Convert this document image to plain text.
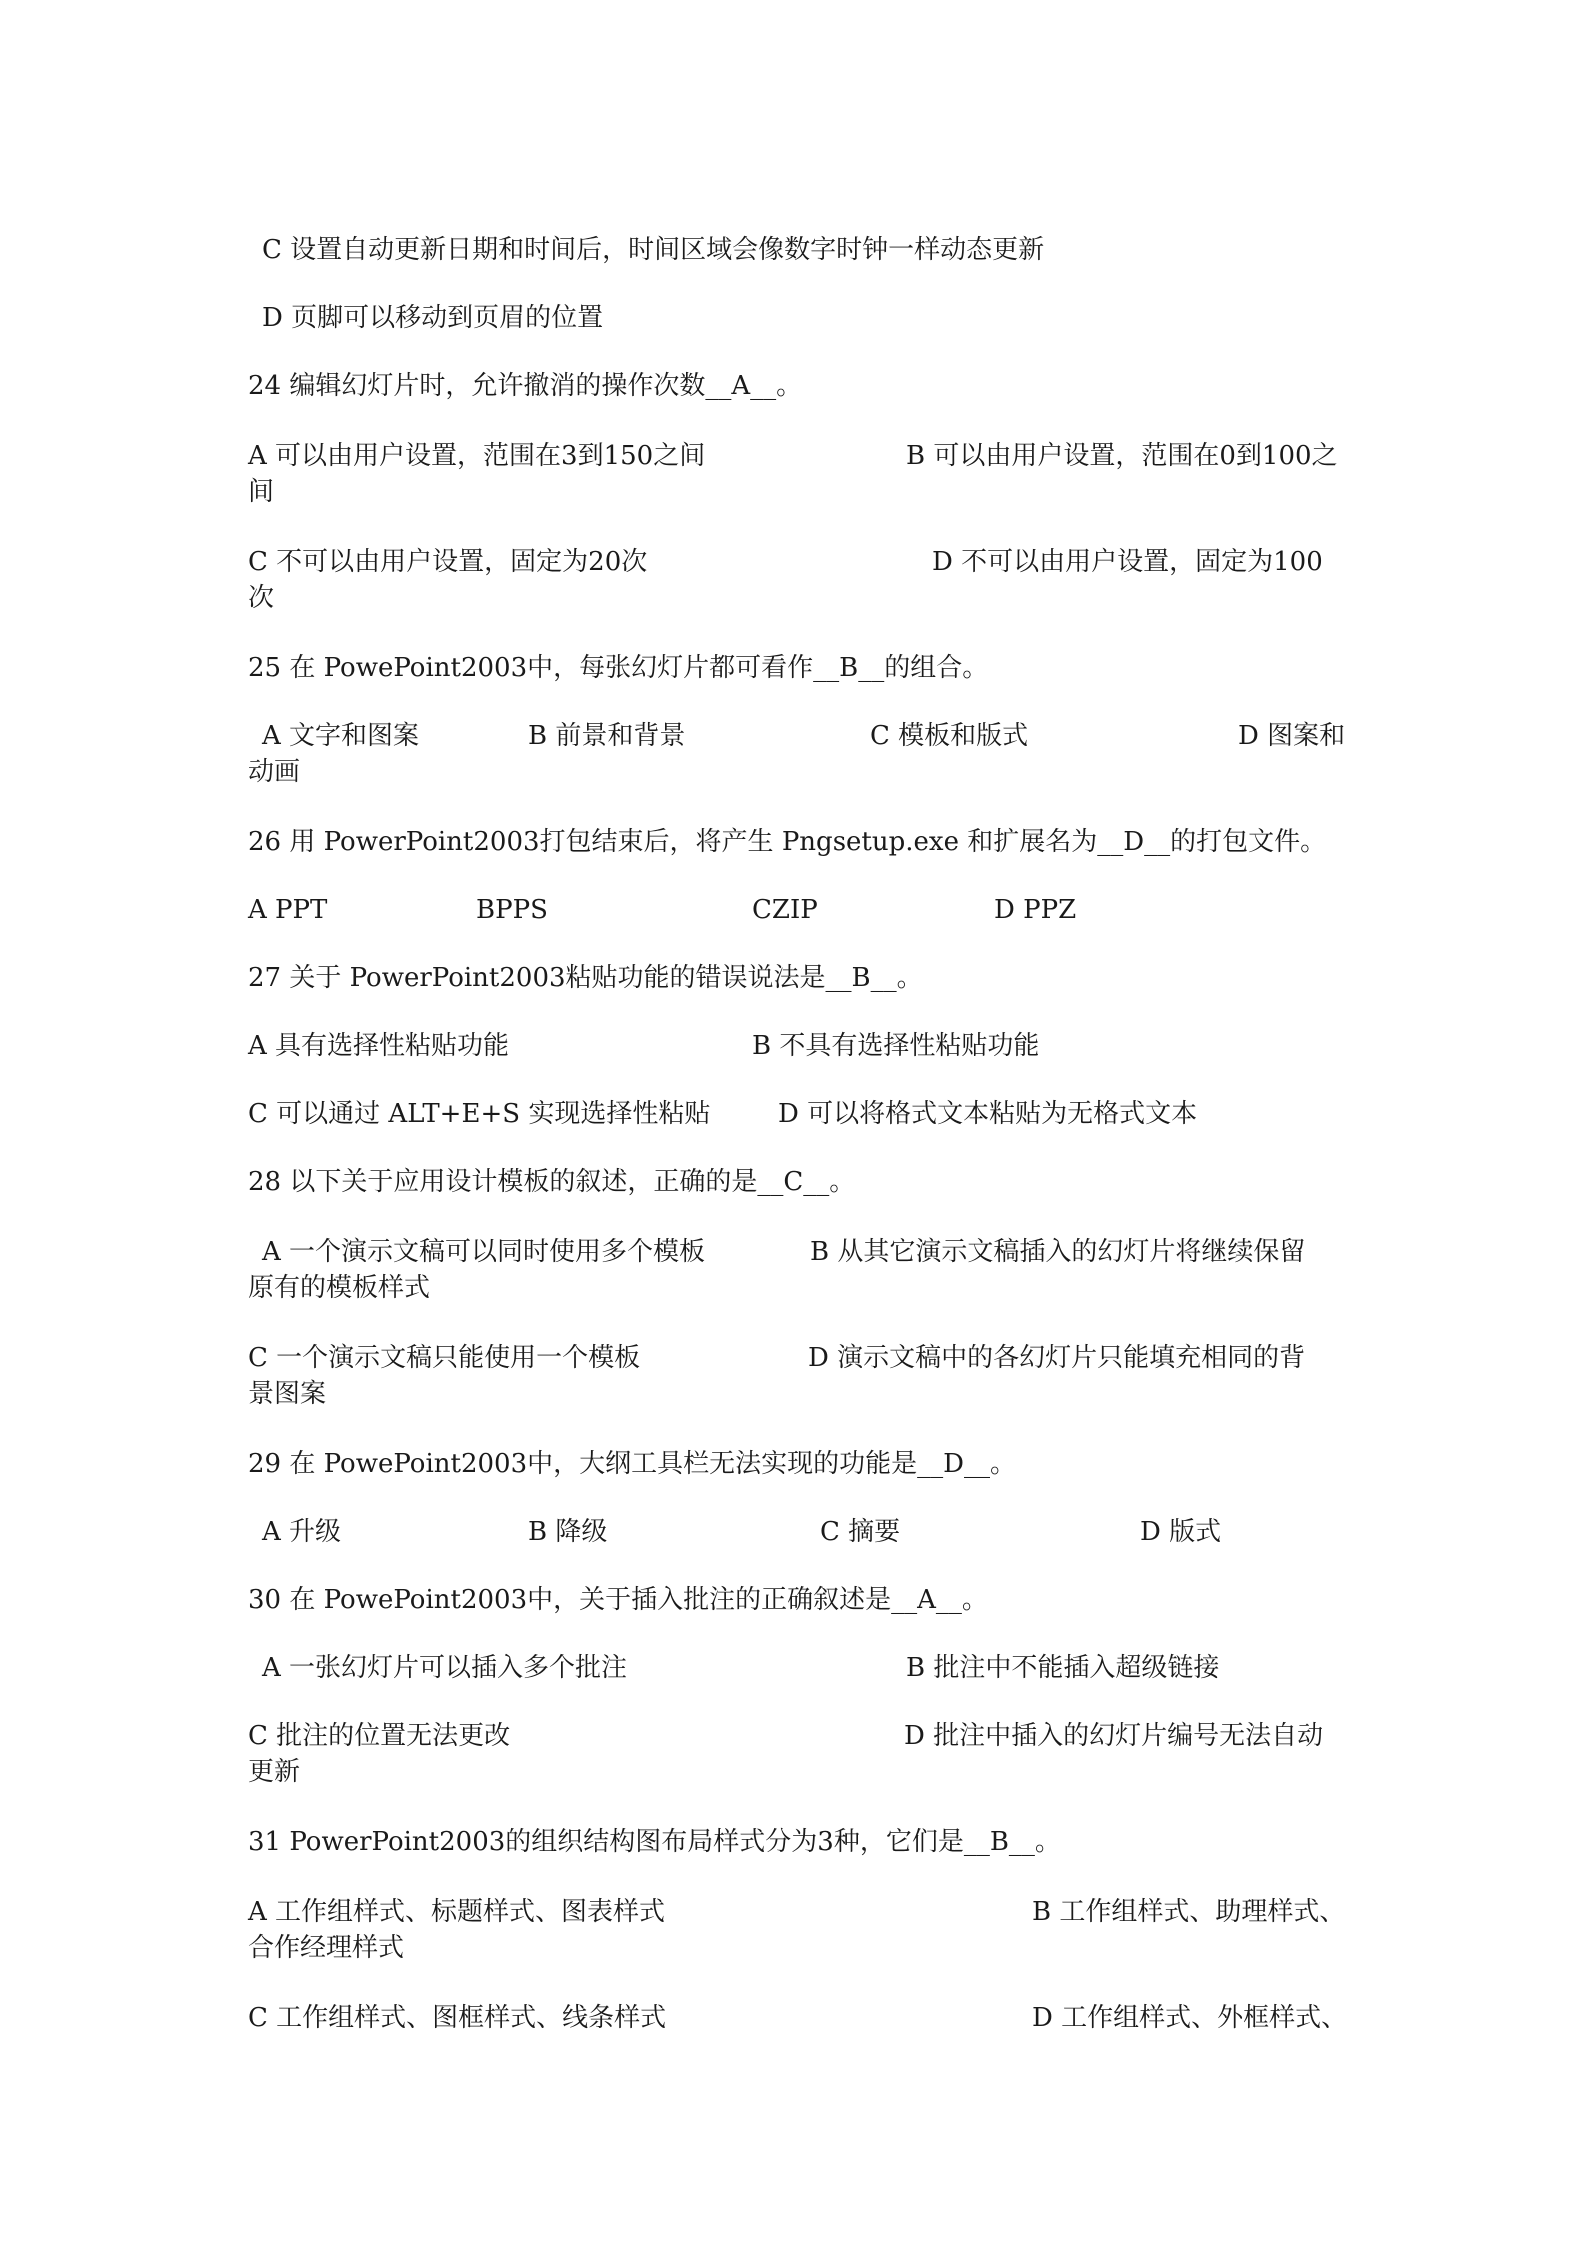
C 设置自动更新日期和时间后，时间区域会像数字时钟一样动态更新
D 页脚可以移动到页眉的位置
24 编辑幻灯片时，允许撤消的操作次数__A__。
A 可以由用户设置，范围在3到150之间	B 可以由用户设置，范围在0到100之
间
C 不可以由用户设置，固定为20次	D 不可以由用户设置，固定为100
次
25 在 PowePoint2003中，每张幻灯片都可看作__B__的组合。
A 文字和图案	B 前景和背景	C 模板和版式	D 图案和
动画
26 用 PowerPoint2003打包结束后，将产生 Pngsetup.exe 和扩展名为__D__的打包文件。
A PPT	BPPS	CZIP	D PPZ
27 关于 PowerPoint2003粘贴功能的错误说法是__B__。
A 具有选择性粘贴功能	B 不具有选择性粘贴功能
C 可以通过 ALT+E+S 实现选择性粘贴	D 可以将格式文本粘贴为无格式文本
28 以下关于应用设计模板的叙述，正确的是__C__。
A 一个演示文稿可以同时使用多个模板	B 从其它演示文稿插入的幻灯片将继续保留
原有的模板样式
C 一个演示文稿只能使用一个模板	D 演示文稿中的各幻灯片只能填充相同的背
景图案
29 在 PowePoint2003中，大纲工具栏无法实现的功能是__D__。
A 升级	B 降级	C 摘要	D 版式
30 在 PowePoint2003中，关于插入批注的正确叙述是__A__。
A 一张幻灯片可以插入多个批注	B 批注中不能插入超级链接
C 批注的位置无法更改	D 批注中插入的幻灯片编号无法自动
更新
31 PowerPoint2003的组织结构图布局样式分为3种，它们是__B__。
A 工作组样式、标题样式、图表样式	B 工作组样式、助理样式、
合作经理样式
C 工作组样式、图框样式、线条样式	D 工作组样式、外框样式、
